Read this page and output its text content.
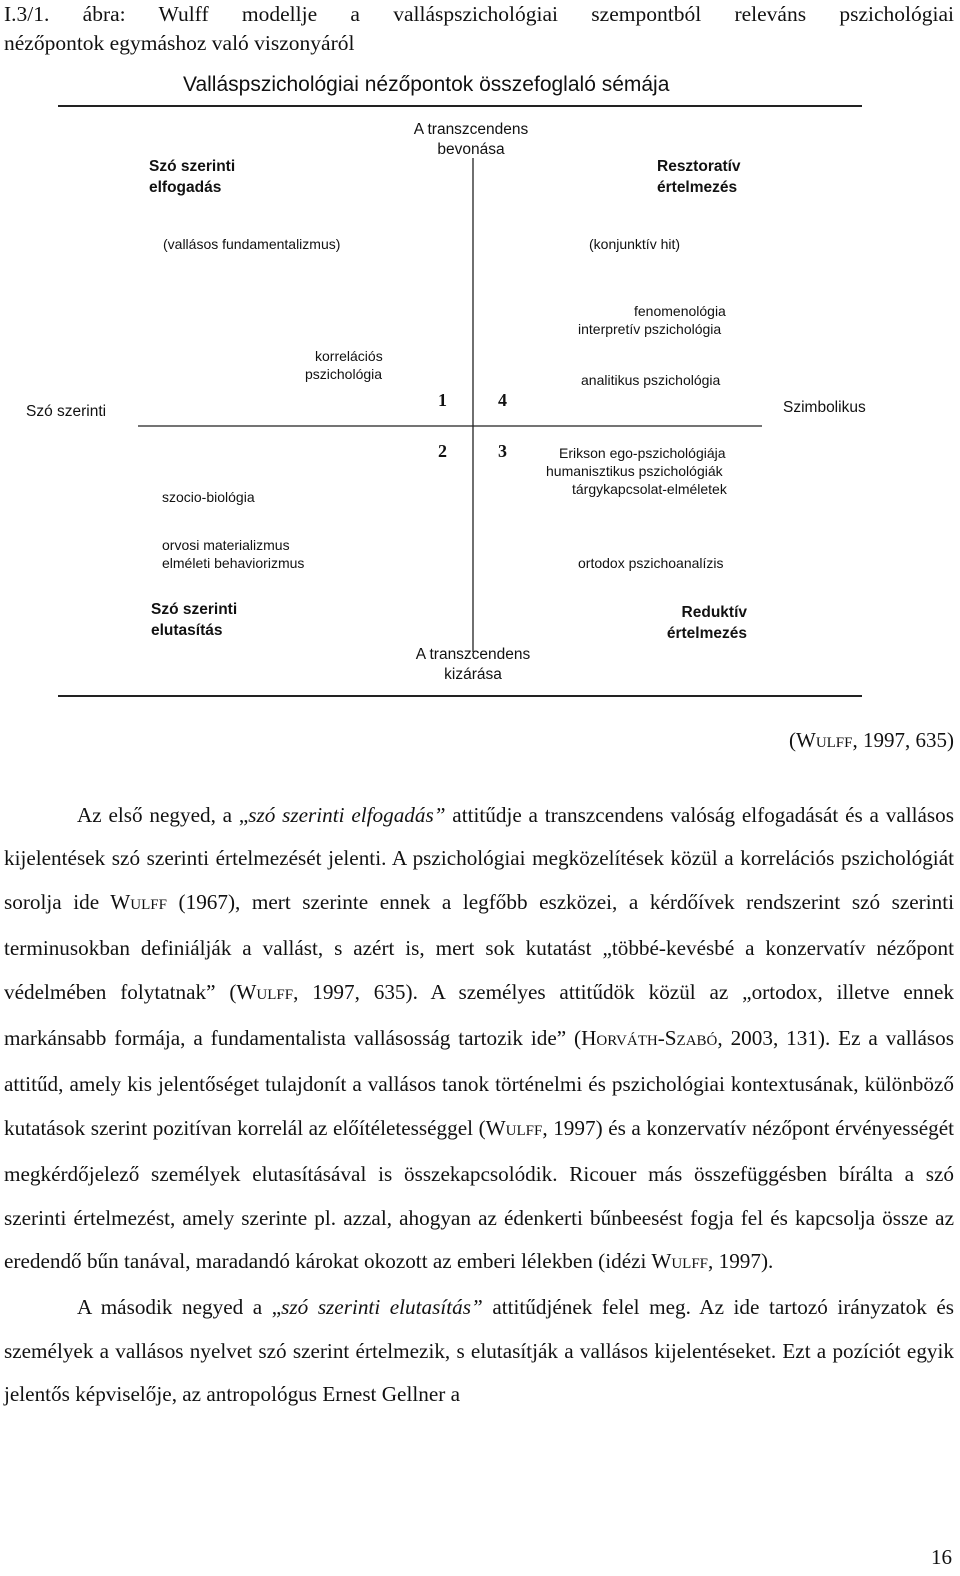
I.3/1. ábra: Wulff modellje a valláspszichológiai szempontból releváns pszichológiai
nézőpontok egymáshoz való viszonyáról
Valláspszichológiai nézőpontok összefoglaló sémája
A transzcendens bevonása
A transzcendens kizárása
Szó szerinti	Szimbolikus
Szó szerinti elfogadás
Resztoratív értelmezés
Szó szerinti elutasítás
Reduktív értelmezés
(vallásos fundamentalizmus)
korrelációs
pszichológia
(konjunktív hit)
fenomenológia
interpretív pszichológia
analitikus pszichológia
szocio-biológia
orvosi materializmus
elméleti behaviorizmus
Erikson ego-pszichológiája
humanisztikus pszichológiák
tárgykapcsolat-elméletek
ortodox pszichoanalízis
1	4
2	3
(WULFF, 1997, 635)

Az első negyed, a „szó szerinti elfogadás” attitűdje a transzcendens valóság elfogadását és a vallásos kijelentések szó szerinti értelmezését jelenti. A pszichológiai megközelítések közül a korrelációs pszichológiát sorolja ide WULFF (1967), mert szerinte ennek a legfőbb eszközei, a kérdőívek rendszerint szó szerinti terminusokban definiálják a vallást, s azért is, mert sok kutatást „többé-kevésbé a konzervatív nézőpont védelmében folytatnak” (WULFF, 1997, 635). A személyes attitűdök közül az „ortodox, illetve ennek markánsabb formája, a fundamentalista vallásosság tartozik ide” (HORVÁTH-SZABÓ, 2003, 131). Ez a vallásos attitűd, amely kis jelentőséget tulajdonít a vallásos tanok történelmi és pszichológiai kontextusának, különböző kutatások szerint pozitívan korrelál az előítéletességgel (WULFF, 1997) és a konzervatív nézőpont érvényességét megkérdőjelező személyek elutasításával is összekapcsolódik. Ricouer más összefüggésben bírálta a szó szerinti értelmezést, amely szerinte pl. azzal, ahogyan az édenkerti bűnbeesést fogja fel és kapcsolja össze az eredendő bűn tanával, maradandó károkat okozott az emberi lélekben (idézi WULFF, 1997).

A második negyed a „szó szerinti elutasítás” attitűdjének felel meg. Az ide tartozó irányzatok és személyek a vallásos nyelvet szó szerint értelmezik, s elutasítják a vallásos kijelentéseket. Ezt a pozíciót egyik jelentős képviselője, az antropológus Ernest Gellner a

16
